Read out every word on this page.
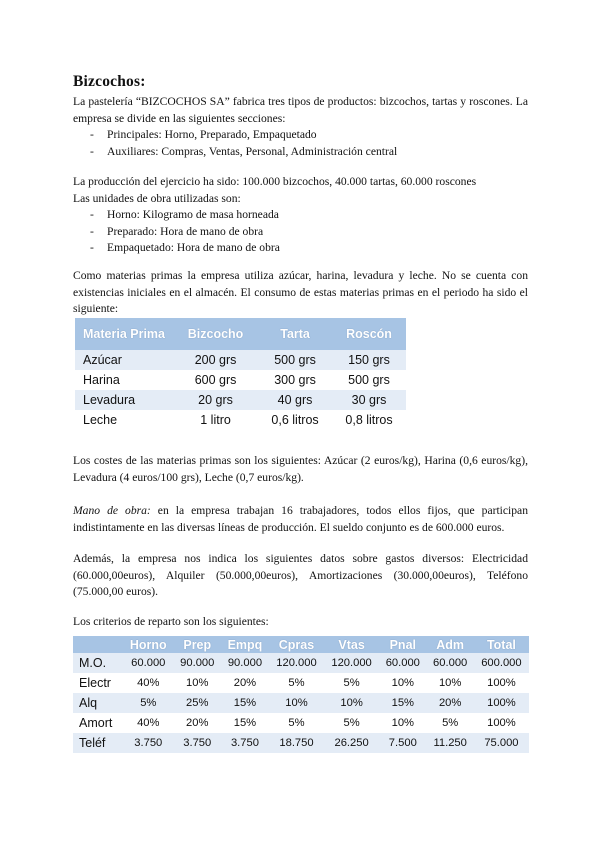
Bizcochos:

La pastelería “BIZCOCHOS SA” fabrica tres tipos de productos: bizcochos, tartas y roscones. La empresa se divide en las siguientes secciones:

- Principales: Horno, Preparado, Empaquetado
- Auxiliares: Compras, Ventas, Personal, Administración central

La producción del ejercicio ha sido: 100.000 bizcochos, 40.000 tartas, 60.000 roscones

Las unidades de obra utilizadas son:

- Horno: Kilogramo de masa horneada
- Preparado: Hora de mano de obra
- Empaquetado: Hora de mano de obra

Como materias primas la empresa utiliza azúcar, harina, levadura y leche. No se cuenta con existencias iniciales en el almacén. El consumo de estas materias primas en el periodo ha sido el siguiente:

Materia Prima	Bizcocho	Tarta	Roscón
Azúcar	200 grs	500 grs	150 grs
Harina	600 grs	300 grs	500 grs
Levadura	20 grs	40 grs	30 grs
Leche	1 litro	0,6 litros	0,8 litros

Los costes de las materias primas son los siguientes: Azúcar (2 euros/kg), Harina (0,6 euros/kg), Levadura (4 euros/100 grs), Leche (0,7 euros/kg).

Mano de obra: en la empresa trabajan 16 trabajadores, todos ellos fijos, que participan indistintamente en las diversas líneas de producción. El sueldo conjunto es de 600.000 euros.

Además, la empresa nos indica los siguientes datos sobre gastos diversos: Electricidad (60.000,00euros), Alquiler (50.000,00euros), Amortizaciones (30.000,00euros), Teléfono (75.000,00 euros).

Los criterios de reparto son los siguientes:

	Horno	Prep	Empq	Cpras	Vtas	Pnal	Adm	Total
M.O.	60.000	90.000	90.000	120.000	120.000	60.000	60.000	600.000
Electr	40%	10%	20%	5%	5%	10%	10%	100%
Alq	5%	25%	15%	10%	10%	15%	20%	100%
Amort	40%	20%	15%	5%	5%	10%	5%	100%
Teléf	3.750	3.750	3.750	18.750	26.250	7.500	11.250	75.000
